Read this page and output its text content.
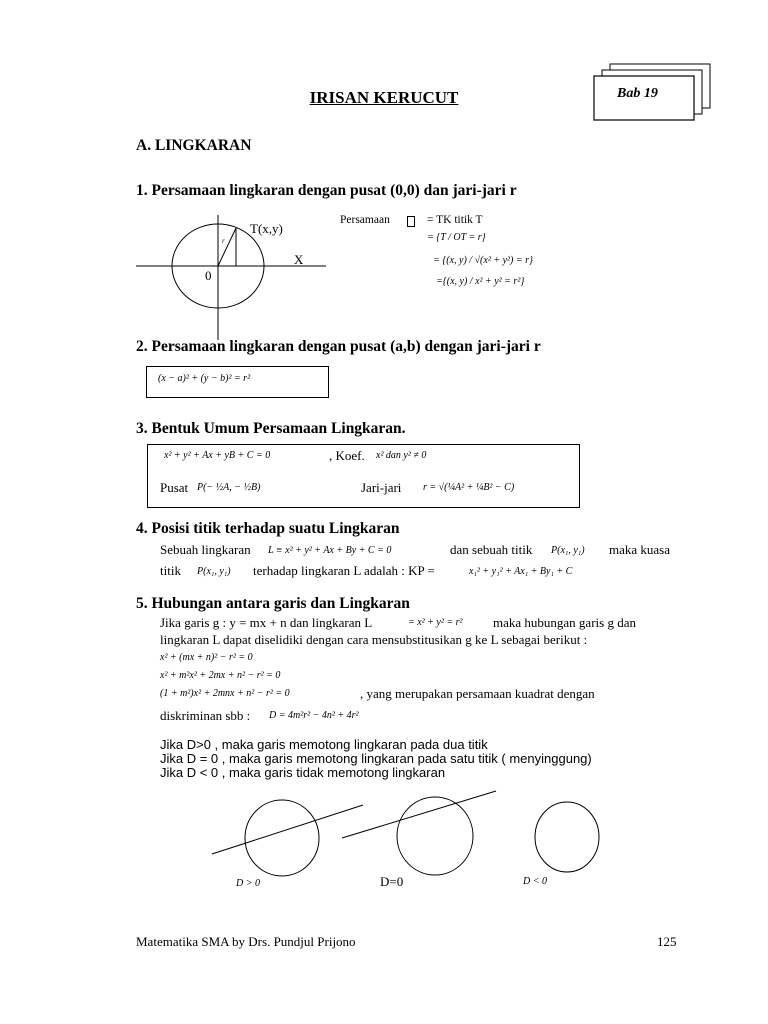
Bab 19
IRISAN KERUCUT
A. LINGKARAN
1. Persamaan lingkaran dengan pusat (0,0) dan jari-jari r
T(x,y)
X
0
r
Persamaan	= TK titik T
= {T / OT = r}
= {(x, y) / √(x² + y²) = r}
={(x, y) / x² + y² = r²}
2. Persamaan lingkaran dengan pusat (a,b) dengan jari-jari r
(x − a)² + (y − b)² = r²
3. Bentuk Umum Persamaan Lingkaran.
x² + y² + Ax + yB + C = 0	, Koef. x² dan y² ≠ 0
Pusat P(− ½A, − ½B)	Jari-jari r = √(¼A² + ¼B² − C)
4. Posisi titik terhadap suatu Lingkaran
Sebuah lingkaran L ≡ x² + y² + Ax + By + C = 0	dan sebuah titik P(x₁, y₁) maka kuasa
titik P(x₁, y₁) terhadap lingkaran L adalah : KP =	x₁² + y₁² + Ax₁ + By₁ + C
5. Hubungan antara garis dan Lingkaran
Jika garis g : y = mx + n dan lingkaran L	= x² + y² = r² maka hubungan garis g dan
lingkaran L dapat diselidiki dengan cara mensubstitusikan g ke L sebagai berikut :
x² + (mx + n)² − r² = 0
x² + m²x² + 2mx + n² − r² = 0
(1 + m²)x² + 2mnx + n² − r² = 0	, yang merupakan persamaan kuadrat dengan
diskriminan sbb : D = 4m²r² − 4n² + 4r²
Jika D>0 , maka garis memotong lingkaran pada dua titik
Jika D = 0 , maka garis memotong lingkaran pada satu titik ( menyinggung)
Jika D < 0 , maka garis tidak memotong lingkaran
D > 0	D=0	D < 0
Matematika SMA by Drs. Pundjul Prijono	125
